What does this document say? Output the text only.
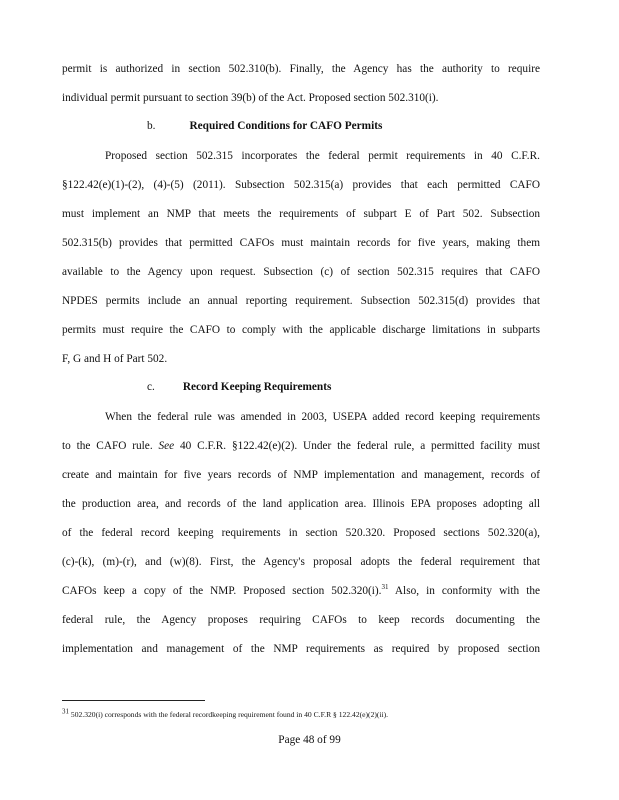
permit is authorized in section 502.310(b). Finally, the Agency has the authority to require
individual permit pursuant to section 39(b) of the Act. Proposed section 502.310(i).
b.	Required Conditions for CAFO Permits
Proposed section 502.315 incorporates the federal permit requirements in 40 C.F.R.
§122.42(e)(1)-(2), (4)-(5) (2011). Subsection 502.315(a) provides that each permitted CAFO
must implement an NMP that meets the requirements of subpart E of Part 502. Subsection
502.315(b) provides that permitted CAFOs must maintain records for five years, making them
available to the Agency upon request. Subsection (c) of section 502.315 requires that CAFO
NPDES permits include an annual reporting requirement. Subsection 502.315(d) provides that
permits must require the CAFO to comply with the applicable discharge limitations in subparts
F, G and H of Part 502.
c. Record Keeping Requirements
When the federal rule was amended in 2003, USEPA added record keeping requirements
to the CAFO rule. See 40 C.F.R. §122.42(e)(2). Under the federal rule, a permitted facility must
create and maintain for five years records of NMP implementation and management, records of
the production area, and records of the land application area. Illinois EPA proposes adopting all
of the federal record keeping requirements in section 520.320. Proposed sections 502.320(a),
(c)-(k), (m)-(r), and (w)(8). First, the Agency's proposal adopts the federal requirement that
CAFOs keep a copy of the NMP. Proposed section 502.320(i).$^{31}$ Also, in conformity with the
federal rule, the Agency proposes requiring CAFOs to keep records documenting the
implementation and management of the NMP requirements as required by proposed section
$^{31}$ 502.320(i) corresponds with the federal recordkeeping requirement found in 40 C.F.R § 122.42(e)(2)(ii).
Page 48 of 99
